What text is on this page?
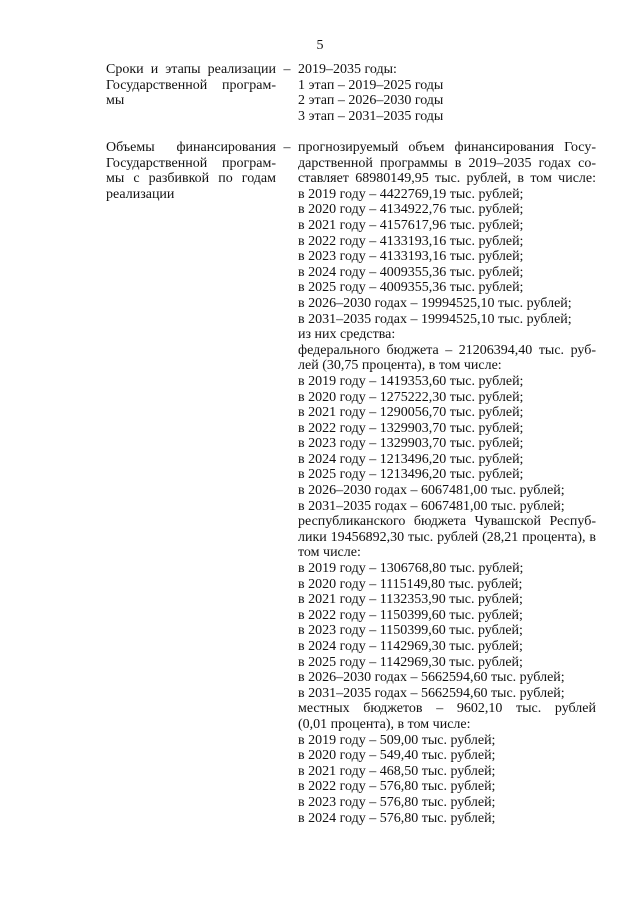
5
Сроки и этапы реализации
Государственной програм-
мы
– 2019–2035 годы:
1 этап – 2019–2025 годы
2 этап – 2026–2030 годы
3 этап – 2031–2035 годы
Объемы финансирования
Государственной програм-
мы с разбивкой по годам
реализации
– прогнозируемый объем финансирования Госу-
дарственной программы в 2019–2035 годах со-
ставляет 68980149,95 тыс. рублей, в том числе:
в 2019 году – 4422769,19 тыс. рублей;
в 2020 году – 4134922,76 тыс. рублей;
в 2021 году – 4157617,96 тыс. рублей;
в 2022 году – 4133193,16 тыс. рублей;
в 2023 году – 4133193,16 тыс. рублей;
в 2024 году – 4009355,36 тыс. рублей;
в 2025 году – 4009355,36 тыс. рублей;
в 2026–2030 годах – 19994525,10 тыс. рублей;
в 2031–2035 годах – 19994525,10 тыс. рублей;
из них средства:
федерального бюджета – 21206394,40 тыс. руб-
лей (30,75 процента), в том числе:
в 2019 году – 1419353,60 тыс. рублей;
в 2020 году – 1275222,30 тыс. рублей;
в 2021 году – 1290056,70 тыс. рублей;
в 2022 году – 1329903,70 тыс. рублей;
в 2023 году – 1329903,70 тыс. рублей;
в 2024 году – 1213496,20 тыс. рублей;
в 2025 году – 1213496,20 тыс. рублей;
в 2026–2030 годах – 6067481,00 тыс. рублей;
в 2031–2035 годах – 6067481,00 тыс. рублей;
республиканского бюджета Чувашской Респуб-
лики 19456892,30 тыс. рублей (28,21 процента), в
том числе:
в 2019 году – 1306768,80 тыс. рублей;
в 2020 году – 1115149,80 тыс. рублей;
в 2021 году – 1132353,90 тыс. рублей;
в 2022 году – 1150399,60 тыс. рублей;
в 2023 году – 1150399,60 тыс. рублей;
в 2024 году – 1142969,30 тыс. рублей;
в 2025 году – 1142969,30 тыс. рублей;
в 2026–2030 годах – 5662594,60 тыс. рублей;
в 2031–2035 годах – 5662594,60 тыс. рублей;
местных бюджетов – 9602,10 тыс. рублей
(0,01 процента), в том числе:
в 2019 году – 509,00 тыс. рублей;
в 2020 году – 549,40 тыс. рублей;
в 2021 году – 468,50 тыс. рублей;
в 2022 году – 576,80 тыс. рублей;
в 2023 году – 576,80 тыс. рублей;
в 2024 году – 576,80 тыс. рублей;
